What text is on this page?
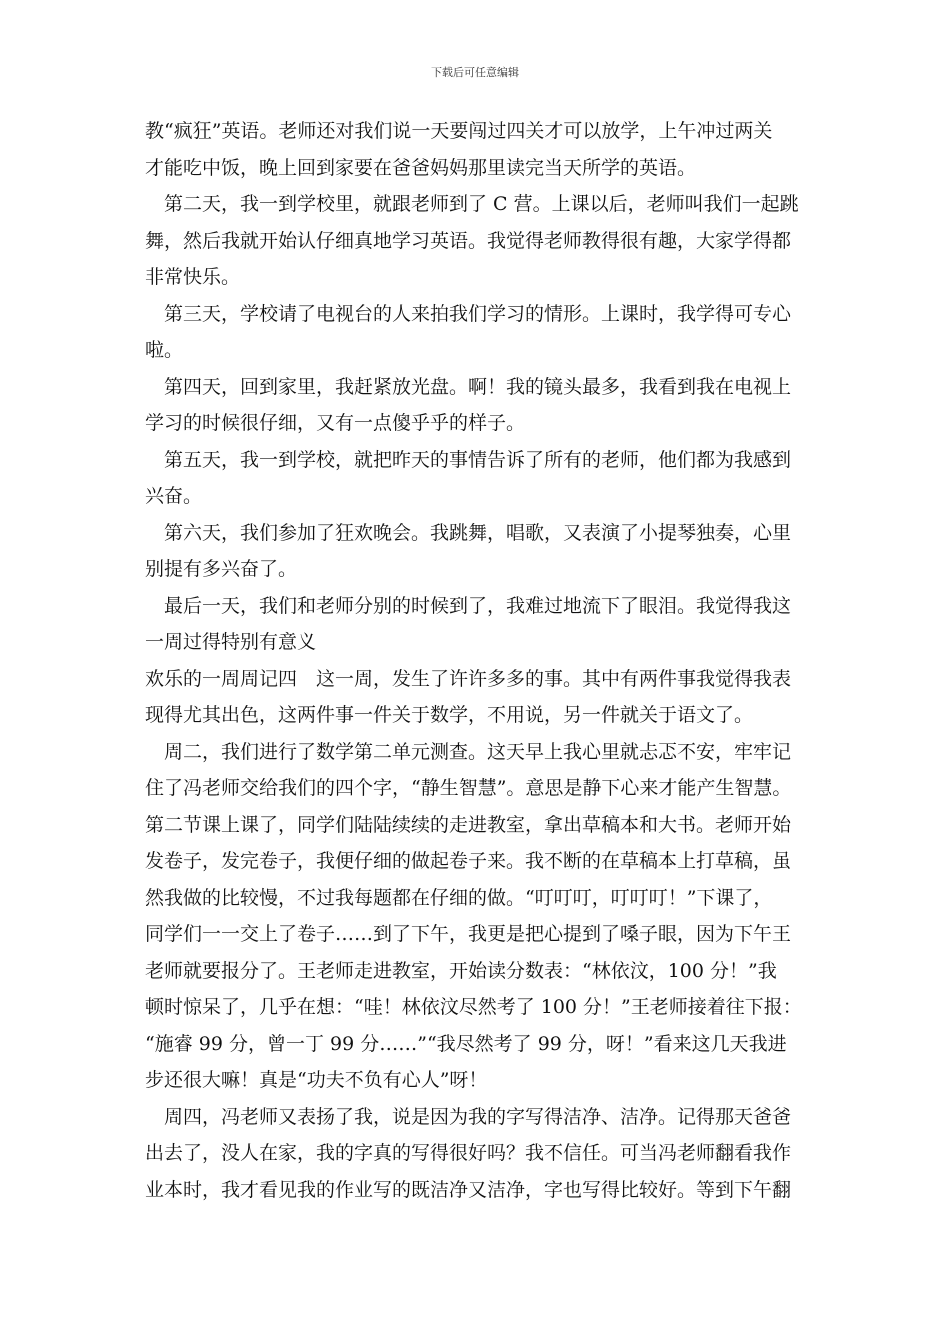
下载后可任意编辑
教“疯狂”英语。老师还对我们说一天要闯过四关才可以放学，上午冲过两关
才能吃中饭，晚上回到家要在爸爸妈妈那里读完当天所学的英语。
　第二天，我一到学校里，就跟老师到了 C 营。上课以后，老师叫我们一起跳
舞，然后我就开始认仔细真地学习英语。我觉得老师教得很有趣，大家学得都
非常快乐。
　第三天，学校请了电视台的人来拍我们学习的情形。上课时，我学得可专心
啦。
　第四天，回到家里，我赶紧放光盘。啊！我的镜头最多，我看到我在电视上
学习的时候很仔细，又有一点傻乎乎的样子。
　第五天，我一到学校，就把昨天的事情告诉了所有的老师，他们都为我感到
兴奋。
　第六天，我们参加了狂欢晚会。我跳舞，唱歌，又表演了小提琴独奏，心里
别提有多兴奋了。
　最后一天，我们和老师分别的时候到了，我难过地流下了眼泪。我觉得我这
一周过得特别有意义
欢乐的一周周记四　这一周，发生了许许多多的事。其中有两件事我觉得我表
现得尤其出色，这两件事一件关于数学，不用说，另一件就关于语文了。
　周二，我们进行了数学第二单元测查。这天早上我心里就忐忑不安，牢牢记
住了冯老师交给我们的四个字，“静生智慧”。意思是静下心来才能产生智慧。
第二节课上课了，同学们陆陆续续的走进教室，拿出草稿本和大书。老师开始
发卷子，发完卷子，我便仔细的做起卷子来。我不断的在草稿本上打草稿，虽
然我做的比较慢，不过我每题都在仔细的做。“叮叮叮，叮叮叮！”下课了，
同学们一一交上了卷子……到了下午，我更是把心提到了嗓子眼，因为下午王
老师就要报分了。王老师走进教室，开始读分数表：“林依汶，100 分！”我
顿时惊呆了，几乎在想：“哇！林依汶尽然考了 100 分！”王老师接着往下报：
“施睿 99 分，曾一丁 99 分……”“我尽然考了 99 分，呀！”看来这几天我进
步还很大嘛！真是“功夫不负有心人”呀！
　周四，冯老师又表扬了我，说是因为我的字写得洁净、洁净。记得那天爸爸
出去了，没人在家，我的字真的写得很好吗？我不信任。可当冯老师翻看我作
业本时，我才看见我的作业写的既洁净又洁净，字也写得比较好。等到下午翻
